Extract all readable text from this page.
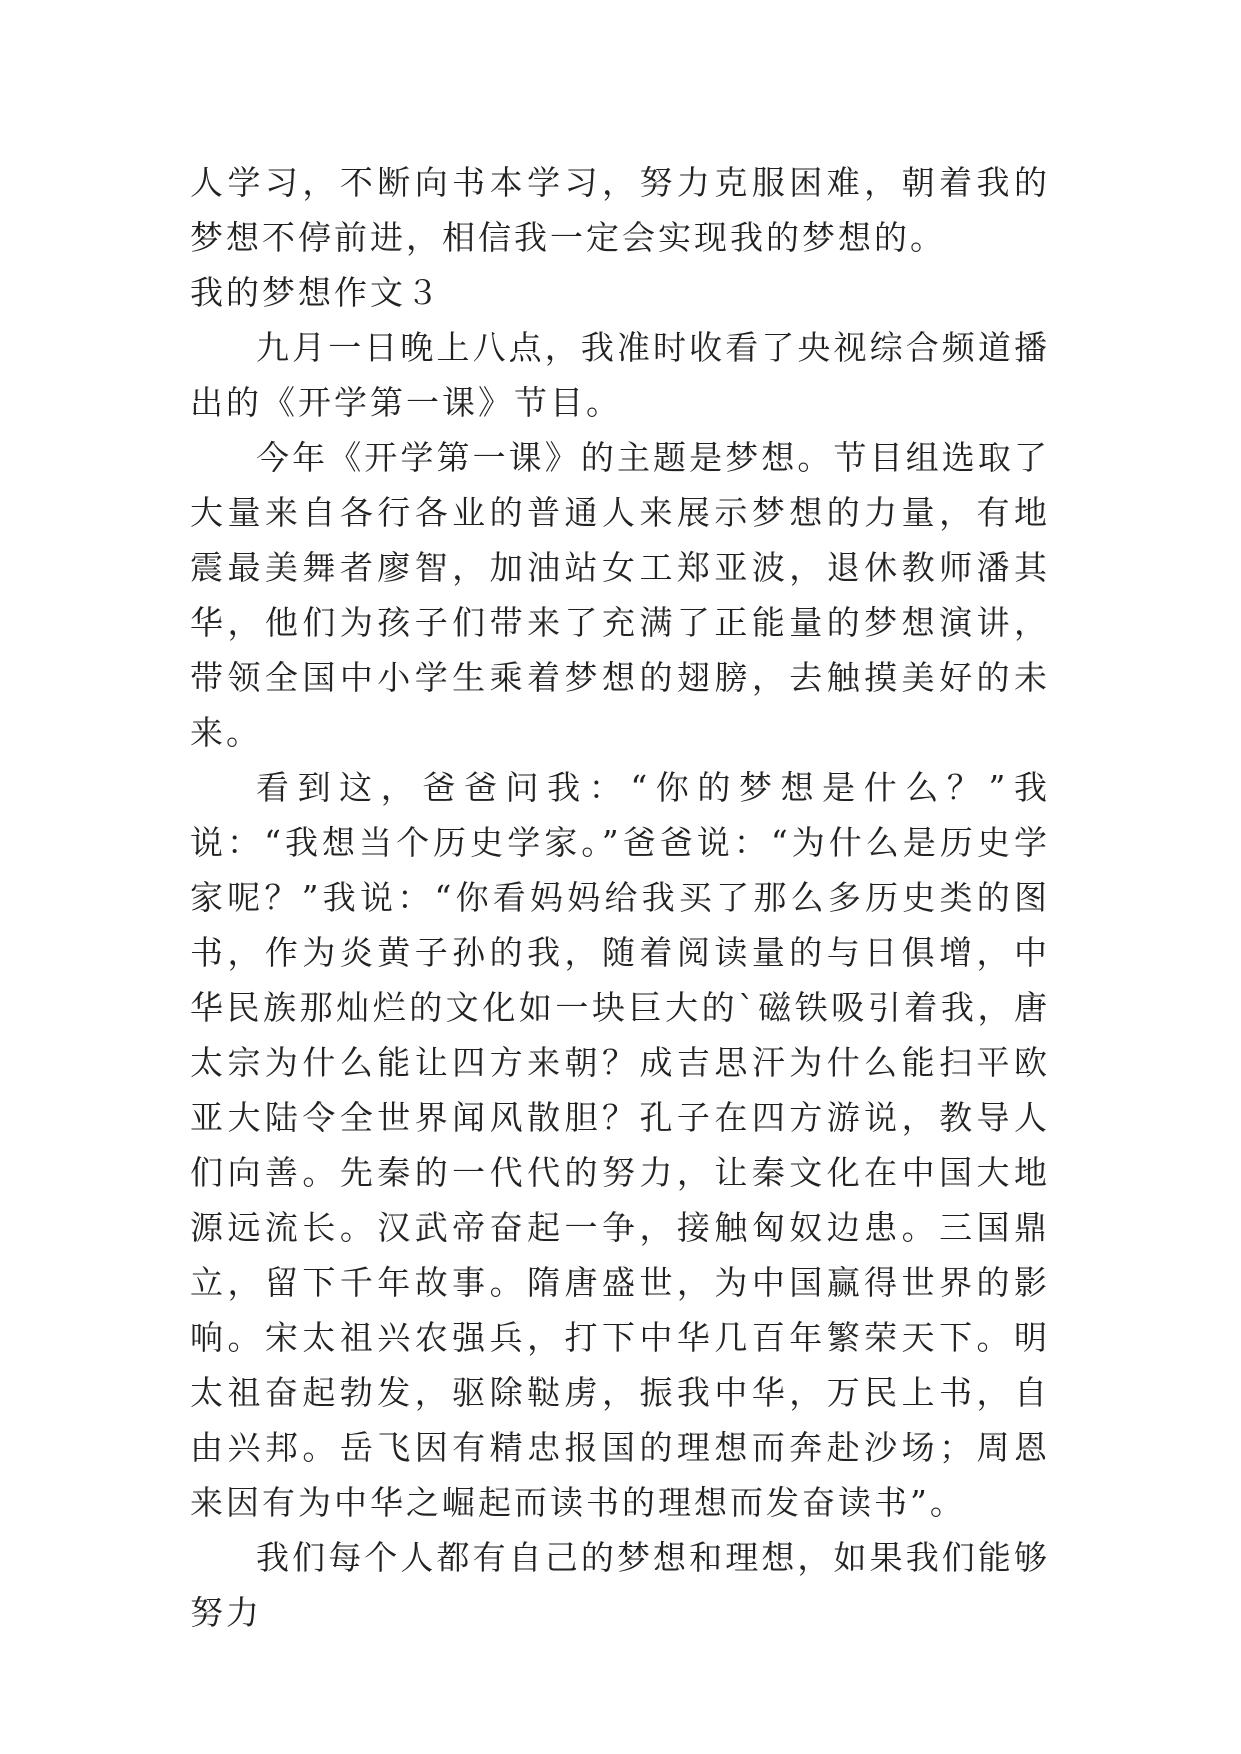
人学习，不断向书本学习，努力克服困难，朝着我的梦想不停前进，相信我一定会实现我的梦想的。

我的梦想作文３

九月一日晚上八点，我准时收看了央视综合频道播出的《开学第一课》节目。

今年《开学第一课》的主题是梦想。节目组选取了大量来自各行各业的普通人来展示梦想的力量，有地震最美舞者廖智，加油站女工郑亚波，退休教师潘其华，他们为孩子们带来了充满了正能量的梦想演讲，带领全国中小学生乘着梦想的翅膀，去触摸美好的未来。

看到这，爸爸问我：“你的梦想是什么？”我说：“我想当个历史学家。”爸爸说：“为什么是历史学家呢？”我说：“你看妈妈给我买了那么多历史类的图书，作为炎黄子孙的我，随着阅读量的与日俱增，中华民族那灿烂的文化如一块巨大的`磁铁吸引着我，唐太宗为什么能让四方来朝？成吉思汗为什么能扫平欧亚大陆令全世界闻风散胆？孔子在四方游说，教导人们向善。先秦的一代代的努力，让秦文化在中国大地源远流长。汉武帝奋起一争，接触匈奴边患。三国鼎立，留下千年故事。隋唐盛世，为中国赢得世界的影响。宋太祖兴农强兵，打下中华几百年繁荣天下。明太祖奋起勃发，驱除鞑虏，振我中华，万民上书，自由兴邦。岳飞因有精忠报国的理想而奔赴沙场；周恩来因有为中华之崛起而读书的理想而发奋读书”。

我们每个人都有自己的梦想和理想，如果我们能够努力
